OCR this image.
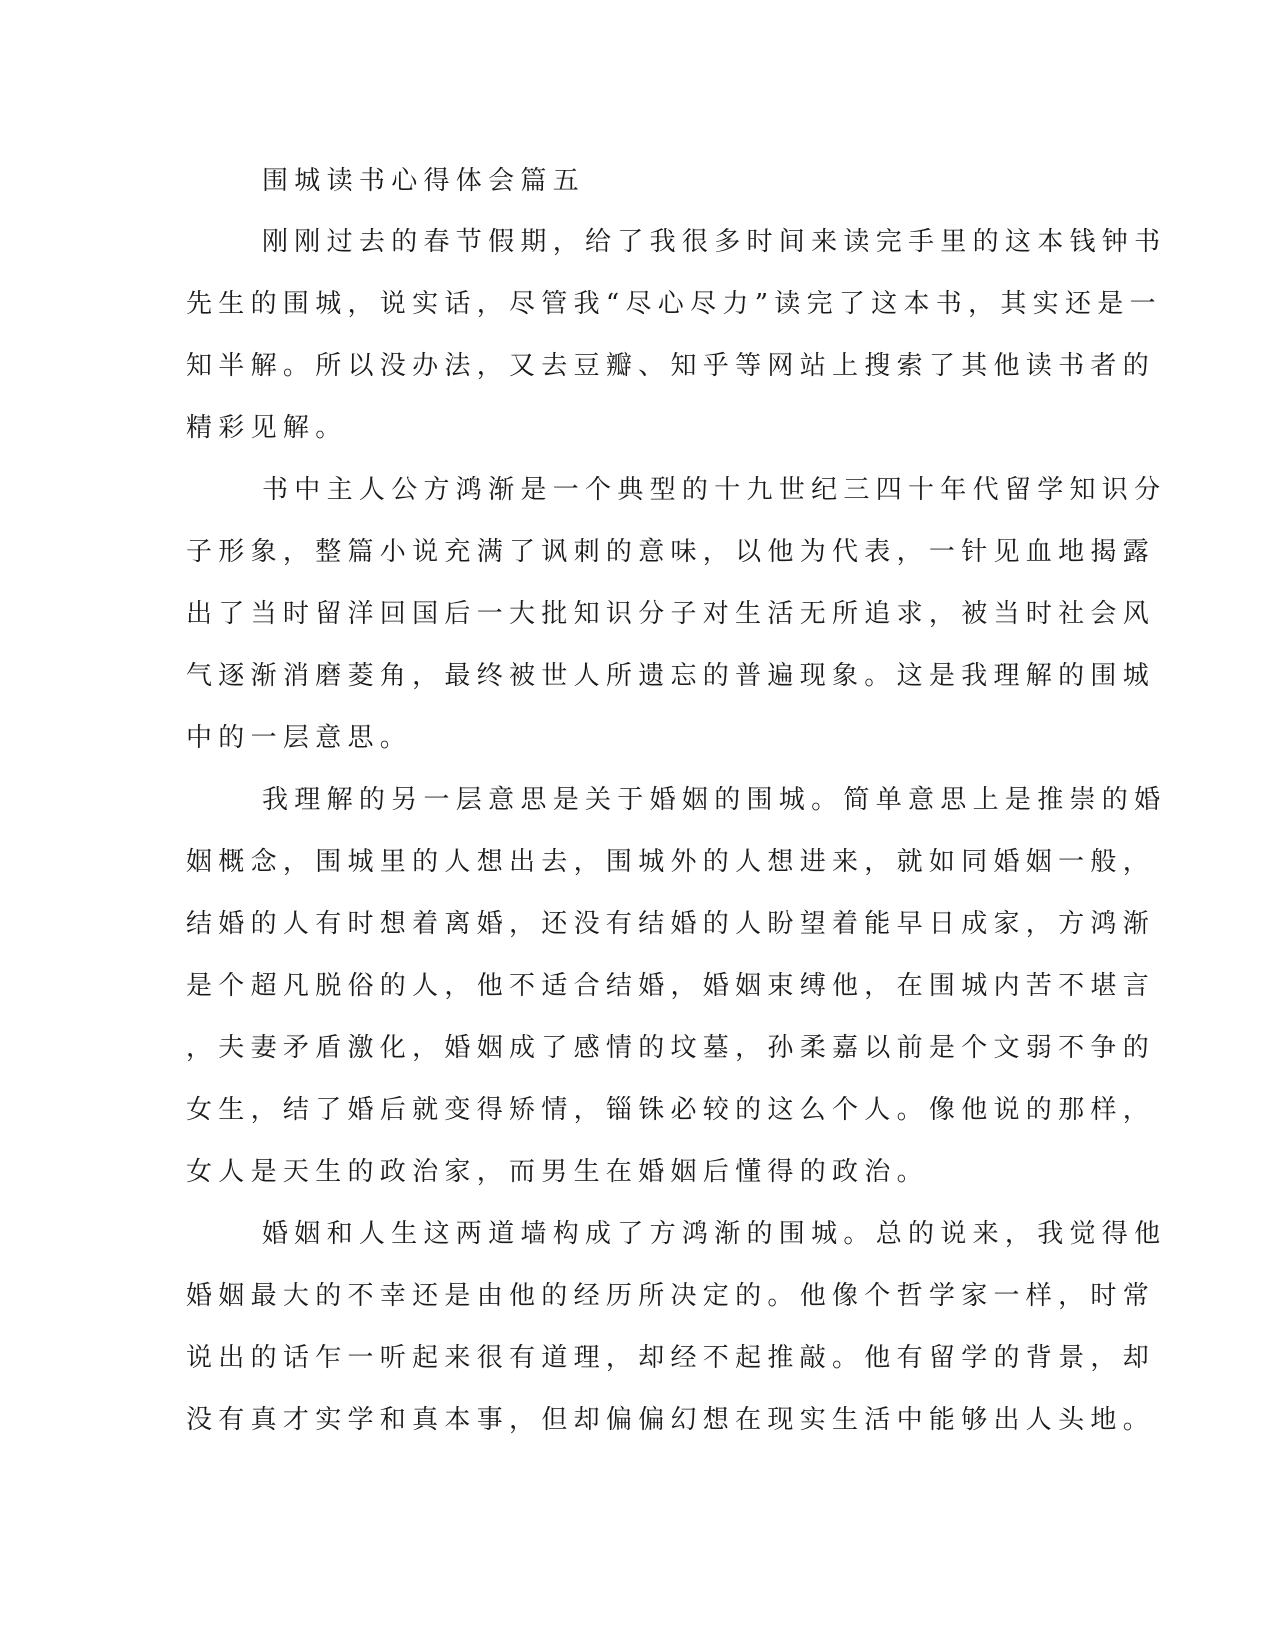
围城读书心得体会篇五
刚刚过去的春节假期，给了我很多时间来读完手里的这本钱钟书
先生的围城，说实话，尽管我“尽心尽力”读完了这本书，其实还是一
知半解。所以没办法，又去豆瓣、知乎等网站上搜索了其他读书者的
精彩见解。
书中主人公方鸿渐是一个典型的十九世纪三四十年代留学知识分
子形象，整篇小说充满了讽刺的意味，以他为代表，一针见血地揭露
出了当时留洋回国后一大批知识分子对生活无所追求，被当时社会风
气逐渐消磨菱角，最终被世人所遗忘的普遍现象。这是我理解的围城
中的一层意思。
我理解的另一层意思是关于婚姻的围城。简单意思上是推崇的婚
姻概念，围城里的人想出去，围城外的人想进来，就如同婚姻一般，
结婚的人有时想着离婚，还没有结婚的人盼望着能早日成家，方鸿渐
是个超凡脱俗的人，他不适合结婚，婚姻束缚他，在围城内苦不堪言
，夫妻矛盾激化，婚姻成了感情的坟墓，孙柔嘉以前是个文弱不争的
女生，结了婚后就变得矫情，锱铢必较的这么个人。像他说的那样，
女人是天生的政治家，而男生在婚姻后懂得的政治。
婚姻和人生这两道墙构成了方鸿渐的围城。总的说来，我觉得他
婚姻最大的不幸还是由他的经历所决定的。他像个哲学家一样，时常
说出的话乍一听起来很有道理，却经不起推敲。他有留学的背景，却
没有真才实学和真本事，但却偏偏幻想在现实生活中能够出人头地。
